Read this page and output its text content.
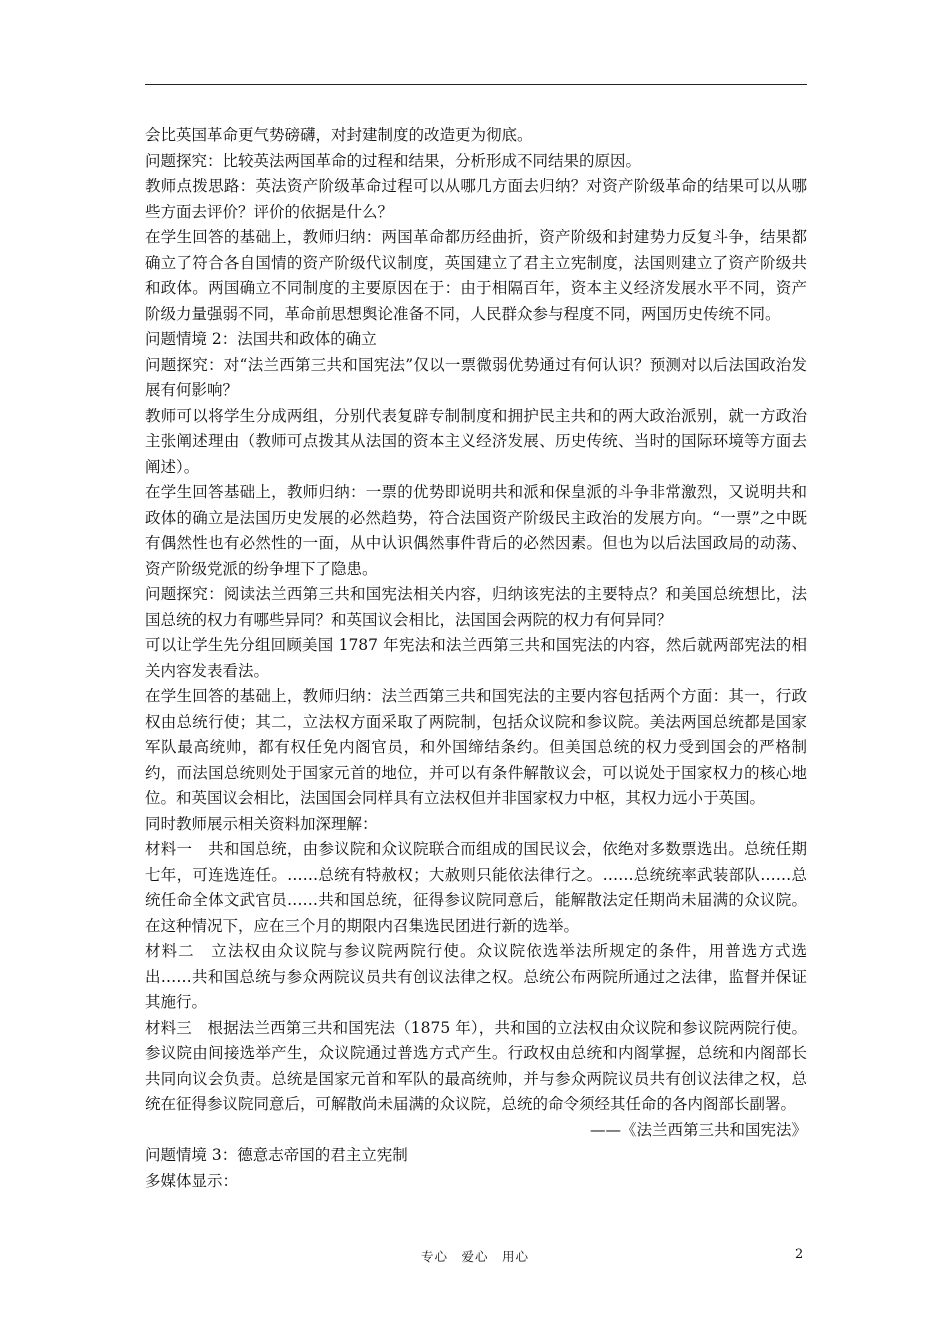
会比英国革命更气势磅礴，对封建制度的改造更为彻底。

问题探究：比较英法两国革命的过程和结果，分析形成不同结果的原因。

教师点拨思路：英法资产阶级革命过程可以从哪几方面去归纳？对资产阶级革命的结果可以从哪些方面去评价？评价的依据是什么？

在学生回答的基础上，教师归纳：两国革命都历经曲折，资产阶级和封建势力反复斗争，结果都确立了符合各自国情的资产阶级代议制度，英国建立了君主立宪制度，法国则建立了资产阶级共和政体。两国确立不同制度的主要原因在于：由于相隔百年，资本主义经济发展水平不同，资产阶级力量强弱不同，革命前思想舆论准备不同，人民群众参与程度不同，两国历史传统不同。

问题情境 2：法国共和政体的确立

问题探究：对“法兰西第三共和国宪法”仅以一票微弱优势通过有何认识？预测对以后法国政治发展有何影响？

教师可以将学生分成两组，分别代表复辟专制制度和拥护民主共和的两大政治派别，就一方政治主张阐述理由（教师可点拨其从法国的资本主义经济发展、历史传统、当时的国际环境等方面去阐述）。

在学生回答基础上，教师归纳：一票的优势即说明共和派和保皇派的斗争非常激烈，又说明共和政体的确立是法国历史发展的必然趋势，符合法国资产阶级民主政治的发展方向。“一票”之中既有偶然性也有必然性的一面，从中认识偶然事件背后的必然因素。但也为以后法国政局的动荡、资产阶级党派的纷争埋下了隐患。

问题探究：阅读法兰西第三共和国宪法相关内容，归纳该宪法的主要特点？和美国总统想比，法国总统的权力有哪些异同？和英国议会相比，法国国会两院的权力有何异同？

可以让学生先分组回顾美国 1787 年宪法和法兰西第三共和国宪法的内容，然后就两部宪法的相关内容发表看法。

在学生回答的基础上，教师归纳：法兰西第三共和国宪法的主要内容包括两个方面：其一，行政权由总统行使；其二，立法权方面采取了两院制，包括众议院和参议院。美法两国总统都是国家军队最高统帅，都有权任免内阁官员，和外国缔结条约。但美国总统的权力受到国会的严格制约，而法国总统则处于国家元首的地位，并可以有条件解散议会，可以说处于国家权力的核心地位。和英国议会相比，法国国会同样具有立法权但并非国家权力中枢，其权力远小于英国。

同时教师展示相关资料加深理解：

材料一　共和国总统，由参议院和众议院联合而组成的国民议会，依绝对多数票选出。总统任期七年，可连选连任。……总统有特赦权；大赦则只能依法律行之。……总统统率武装部队……总统任命全体文武官员……共和国总统，征得参议院同意后，能解散法定任期尚未届满的众议院。在这种情况下，应在三个月的期限内召集选民团进行新的选举。

材料二　立法权由众议院与参议院两院行使。众议院依选举法所规定的条件，用普选方式选出……共和国总统与参众两院议员共有创议法律之权。总统公布两院所通过之法律，监督并保证其施行。

材料三　根据法兰西第三共和国宪法（1875 年），共和国的立法权由众议院和参议院两院行使。参议院由间接选举产生，众议院通过普选方式产生。行政权由总统和内阁掌握，总统和内阁部长共同向议会负责。总统是国家元首和军队的最高统帅，并与参众两院议员共有创议法律之权，总统在征得参议院同意后，可解散尚未届满的众议院，总统的命令须经其任命的各内阁部长副署。

——《法兰西第三共和国宪法》

问题情境 3：德意志帝国的君主立宪制

多媒体显示：

专心　爱心　用心	2
